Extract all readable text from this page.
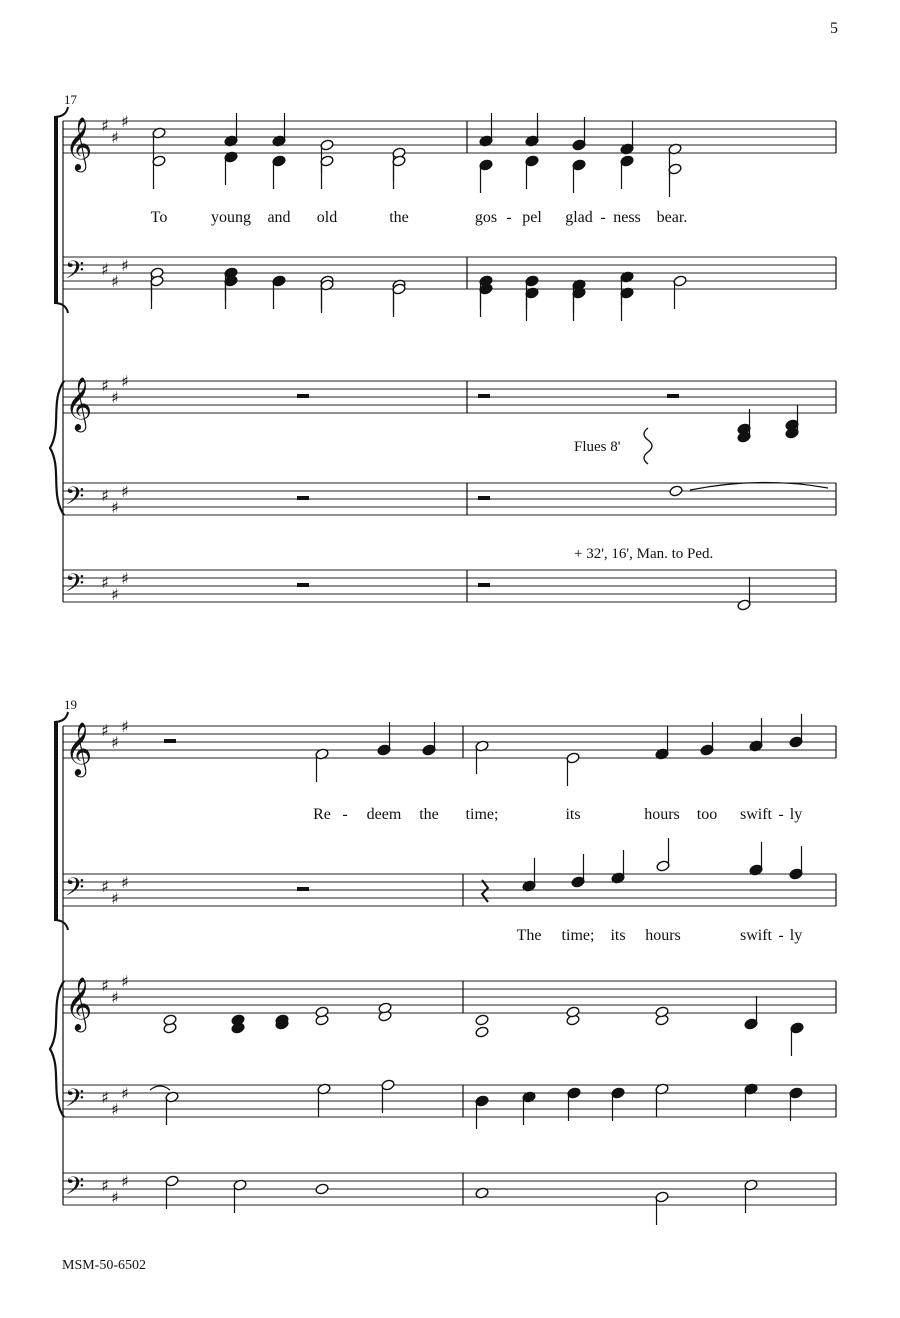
𝄞 ♯
♯
♯
𝄢 ♯
♯
♯
𝄞 ♯
♯
♯
𝄢 ♯
♯
♯
𝄢 ♯
♯
♯
𝄞 ♯
♯
♯
𝄢 ♯
♯
♯
𝄞 ♯
♯
♯
𝄢 ♯
♯
♯
𝄢 ♯
♯
♯
5
MSM-50-6502
17
19
To	young and old	the	gos - pel glad - ness bear.
Flues 8'
+ 32', 16', Man. to Ped.
Re - deem the time;	its	hours too swift - ly
The time; its hours	swift - ly
